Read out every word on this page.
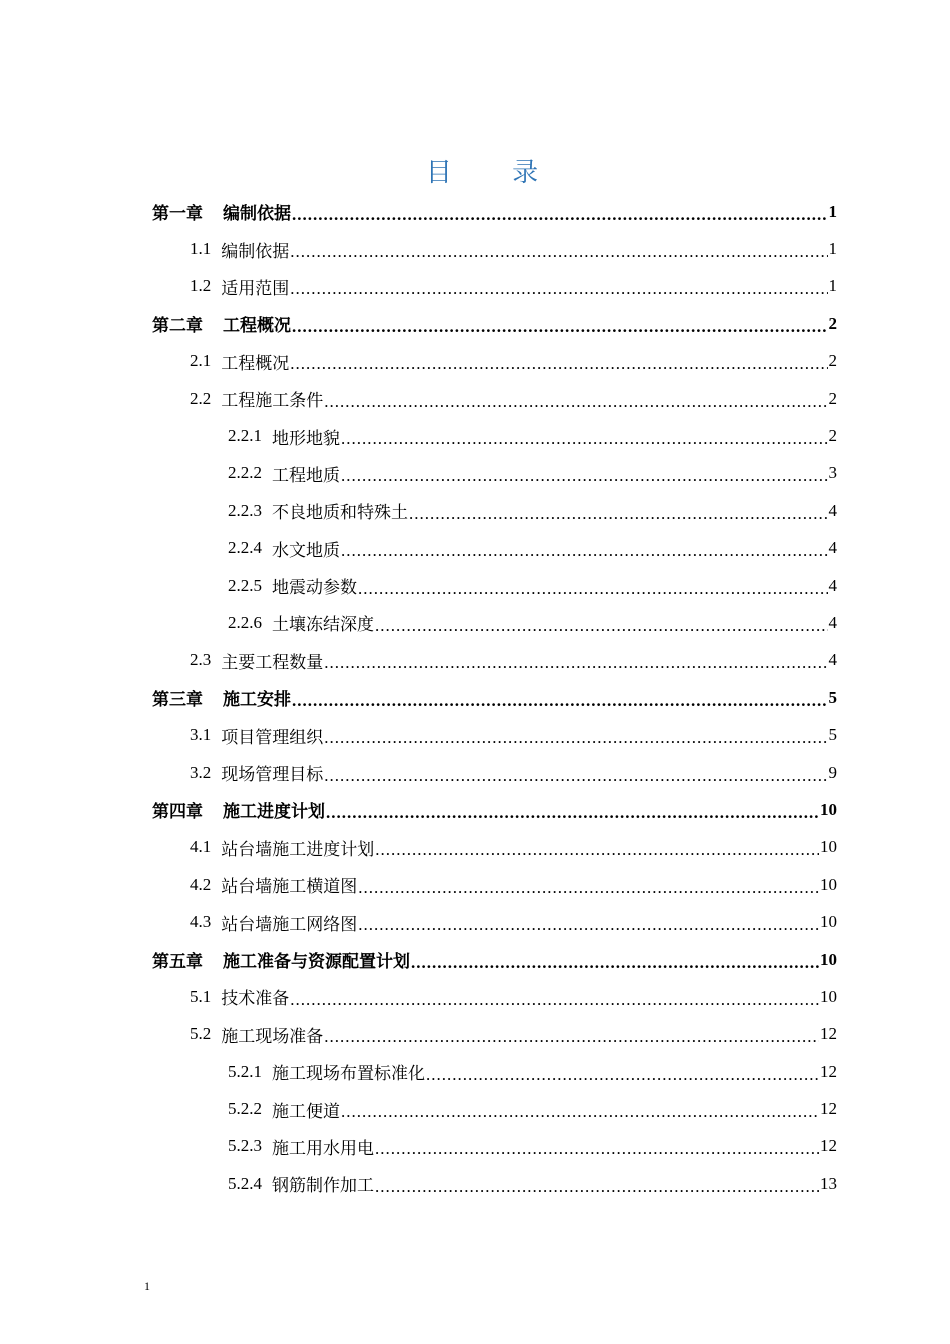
目 录
第一章 编制依据 .....	1
1.1 编制依据 .....	1
1.2 适用范围 .....	1
第二章 工程概况 .....	2
2.1 工程概况 .....	2
2.2 工程施工条件 .....	2
2.2.1 地形地貌 .....	2
2.2.2 工程地质 .....	3
2.2.3 不良地质和特殊土 .....	4
2.2.4 水文地质 .....	4
2.2.5 地震动参数 .....	4
2.2.6 土壤冻结深度 .....	4
2.3 主要工程数量 .....	4
第三章 施工安排 .....	5
3.1 项目管理组织 .....	5
3.2 现场管理目标 .....	9
第四章 施工进度计划 .....	10
4.1 站台墙施工进度计划 .....	10
4.2 站台墙施工横道图 .....	10
4.3 站台墙施工网络图 .....	10
第五章 施工准备与资源配置计划 .....	10
5.1 技术准备 .....	10
5.2 施工现场准备 .....	12
5.2.1 施工现场布置标准化 .....	12
5.2.2 施工便道 .....	12
5.2.3 施工用水用电 .....	12
5.2.4 钢筋制作加工 .....	13
1
